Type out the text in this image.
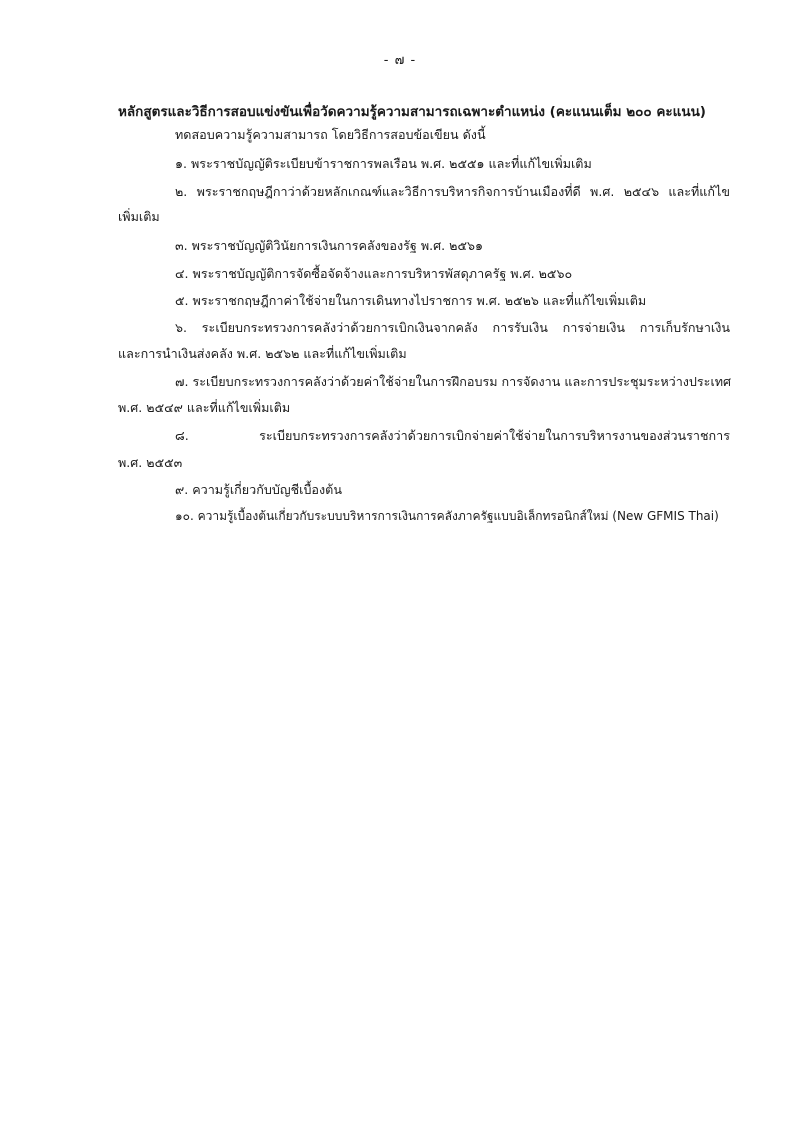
- ๗ -
หลักสูตรและวิธีการสอบแข่งขันเพื่อวัดความรู้ความสามารถเฉพาะตำแหน่ง (คะแนนเต็ม ๒๐๐ คะแนน)
ทดสอบความรู้ความสามารถ โดยวิธีการสอบข้อเขียน ดังนี้
๑. พระราชบัญญัติระเบียบข้าราชการพลเรือน พ.ศ. ๒๕๕๑ และที่แก้ไขเพิ่มเติม
๒. พระราชกฤษฎีกาว่าด้วยหลักเกณฑ์และวิธีการบริหารกิจการบ้านเมืองที่ดี พ.ศ. ๒๕๔๖ และที่แก้ไข
เพิ่มเติม
๓. พระราชบัญญัติวินัยการเงินการคลังของรัฐ พ.ศ. ๒๕๖๑
๔. พระราชบัญญัติการจัดซื้อจัดจ้างและการบริหารพัสดุภาครัฐ พ.ศ. ๒๕๖๐
๕. พระราชกฤษฎีกาค่าใช้จ่ายในการเดินทางไปราชการ พ.ศ. ๒๕๒๖ และที่แก้ไขเพิ่มเติม
๖. ระเบียบกระทรวงการคลังว่าด้วยการเบิกเงินจากคลัง การรับเงิน การจ่ายเงิน การเก็บรักษาเงิน
และการนำเงินส่งคลัง พ.ศ. ๒๕๖๒ และที่แก้ไขเพิ่มเติม
๗. ระเบียบกระทรวงการคลังว่าด้วยค่าใช้จ่ายในการฝึกอบรม การจัดงาน และการประชุมระหว่างประเทศ
พ.ศ. ๒๕๔๙ และที่แก้ไขเพิ่มเติม
๘. ระเบียบกระทรวงการคลังว่าด้วยการเบิกจ่ายค่าใช้จ่ายในการบริหารงานของส่วนราชการ
พ.ศ. ๒๕๕๓
๙. ความรู้เกี่ยวกับบัญชีเบื้องต้น
๑๐. ความรู้เบื้องต้นเกี่ยวกับระบบบริหารการเงินการคลังภาครัฐแบบอิเล็กทรอนิกส์ใหม่ (New GFMIS Thai)
